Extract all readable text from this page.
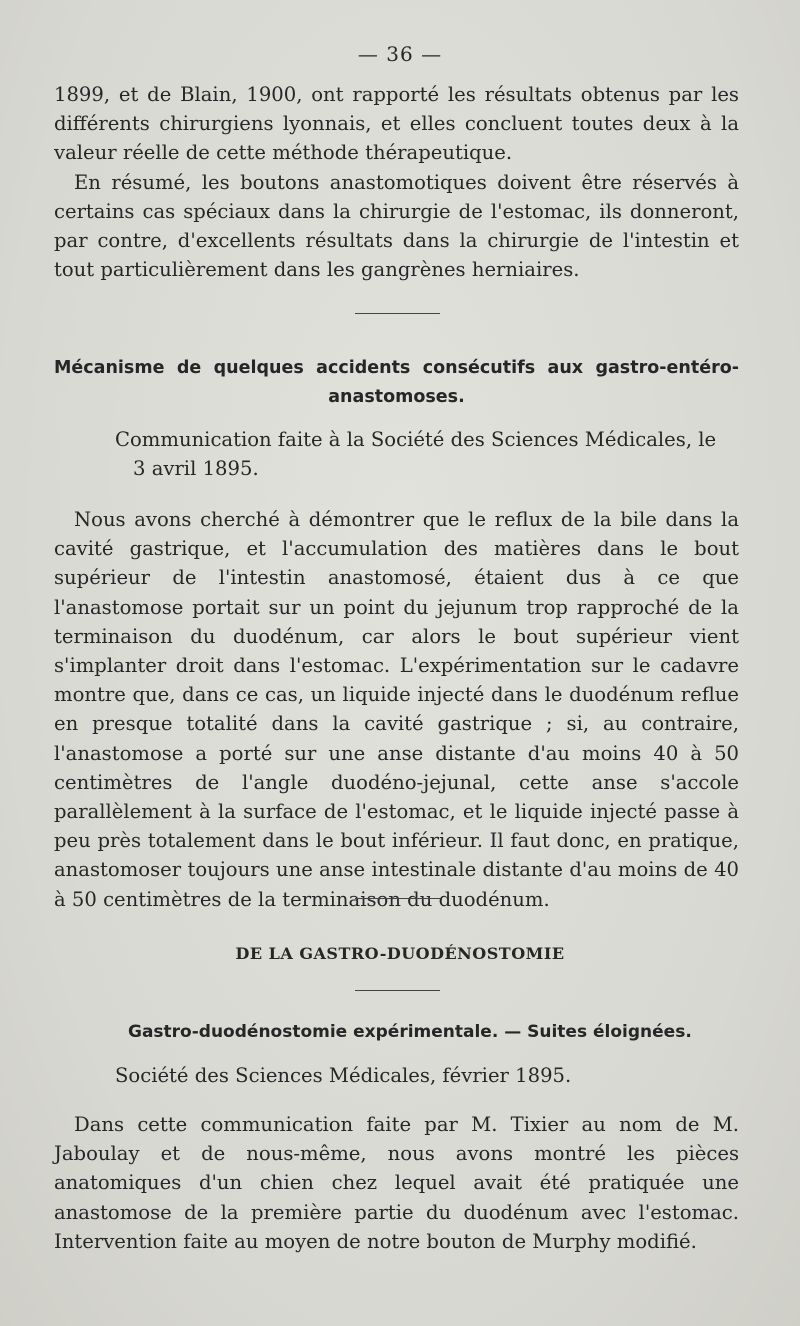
— 36 —

1899, et de Blain, 1900, ont rapporté les résultats obtenus par les différents chirurgiens lyonnais, et elles concluent toutes deux à la valeur réelle de cette méthode thérapeutique.

En résumé, les boutons anastomotiques doivent être réservés à certains cas spéciaux dans la chirurgie de l'estomac, ils donneront, par contre, d'excellents résultats dans la chirurgie de l'intestin et tout particulièrement dans les gangrènes herniaires.

Mécanisme de quelques accidents consécutifs aux gastro-entéro-
anastomoses.
Communication faite à la Société des Sciences Médicales, le
3 avril 1895.

Nous avons cherché à démontrer que le reflux de la bile dans la cavité gastrique, et l'accumulation des matières dans le bout supérieur de l'intestin anastomosé, étaient dus à ce que l'anastomose portait sur un point du jejunum trop rapproché de la terminaison du duodénum, car alors le bout supérieur vient s'implanter droit dans l'estomac. L'expérimentation sur le cadavre montre que, dans ce cas, un liquide injecté dans le duodénum reflue en presque totalité dans la cavité gastrique ; si, au contraire, l'anastomose a porté sur une anse distante d'au moins 40 à 50 centimètres de l'angle duodéno-jejunal, cette anse s'accole parallèlement à la surface de l'estomac, et le liquide injecté passe à peu près totalement dans le bout inférieur. Il faut donc, en pratique, anastomoser toujours une anse intestinale distante d'au moins de 40 à 50 centimètres de la terminaison du duodénum.

DE LA GASTRO-DUODÉNOSTOMIE
Gastro-duodénostomie expérimentale. — Suites éloignées.
Société des Sciences Médicales, février 1895.

Dans cette communication faite par M. Tixier au nom de M. Jaboulay et de nous-même, nous avons montré les pièces anatomiques d'un chien chez lequel avait été pratiquée une anastomose de la première partie du duodénum avec l'estomac. Intervention faite au moyen de notre bouton de Murphy modifié.
